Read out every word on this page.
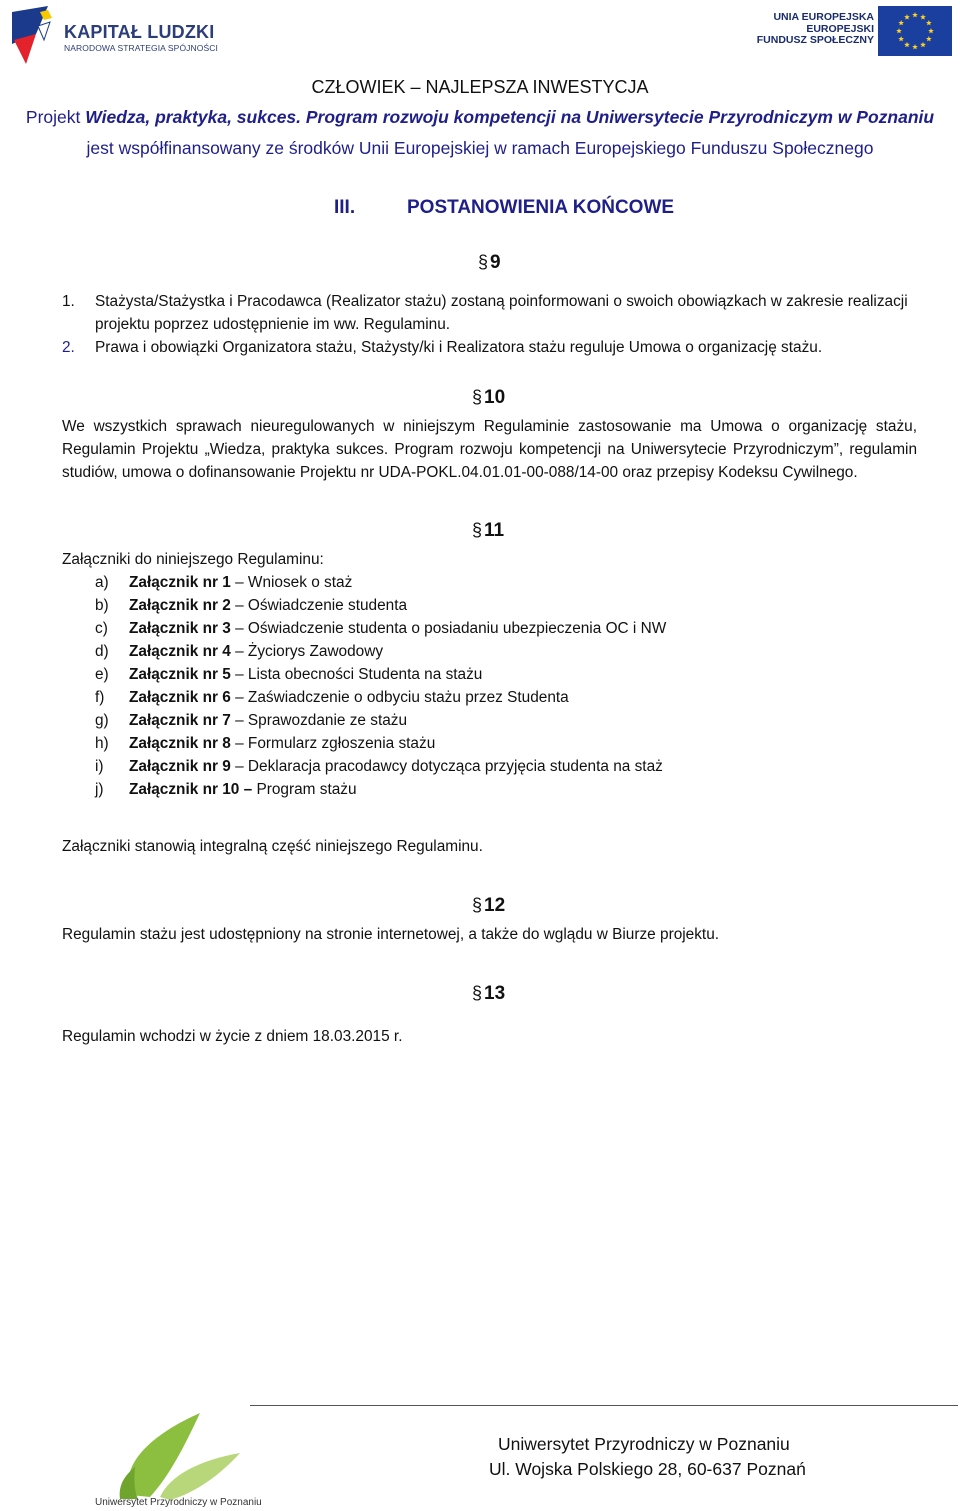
KAPITAŁ LUDZKI
NARODOWA STRATEGIA SPÓJNOŚCI
UNIA EUROPEJSKA
EUROPEJSKI
FUNDUSZ SPOŁECZNY
CZŁOWIEK – NAJLEPSZA INWESTYCJA
Projekt Wiedza, praktyka, sukces. Program rozwoju kompetencji na Uniwersytecie Przyrodniczym w Poznaniu
jest współfinansowany ze środków Unii Europejskiej w ramach Europejskiego Funduszu Społecznego
III.	POSTANOWIENIA KOŃCOWE
§ 9
1. Stażysta/Stażystka i Pracodawca (Realizator stażu) zostaną poinformowani o swoich obowiązkach w zakresie realizacji projektu poprzez udostępnienie im ww. Regulaminu.
2. Prawa i obowiązki Organizatora stażu, Stażysty/ki i Realizatora stażu reguluje Umowa o organizację stażu.
§ 10
We wszystkich sprawach nieuregulowanych w niniejszym Regulaminie zastosowanie ma Umowa o organizację stażu, Regulamin Projektu „Wiedza, praktyka sukces. Program rozwoju kompetencji na Uniwersytecie Przyrodniczym”, regulamin studiów, umowa o dofinansowanie Projektu nr UDA-POKL.04.01.01-00-088/14-00 oraz przepisy Kodeksu Cywilnego.
§ 11
Załączniki do niniejszego Regulaminu:
a) Załącznik nr 1 – Wniosek o staż
b) Załącznik nr 2 – Oświadczenie studenta
c) Załącznik nr 3 – Oświadczenie studenta o posiadaniu ubezpieczenia OC i NW
d) Załącznik nr 4 – Życiorys Zawodowy
e) Załącznik nr 5 – Lista obecności Studenta na stażu
f) Załącznik nr 6 – Zaświadczenie o odbyciu stażu przez Studenta
g) Załącznik nr 7 – Sprawozdanie ze stażu
h) Załącznik nr 8 – Formularz zgłoszenia stażu
i) Załącznik nr 9 – Deklaracja pracodawcy dotycząca przyjęcia studenta na staż
j) Załącznik nr 10 – Program stażu
Załączniki stanowią integralną część niniejszego Regulaminu.
§ 12
Regulamin stażu jest udostępniony na stronie internetowej, a także do wglądu w Biurze projektu.
§ 13
Regulamin wchodzi w życie z dniem 18.03.2015 r.
Uniwersytet Przyrodniczy w Poznaniu
Uniwersytet Przyrodniczy w Poznaniu
Ul. Wojska Polskiego 28, 60-637 Poznań
